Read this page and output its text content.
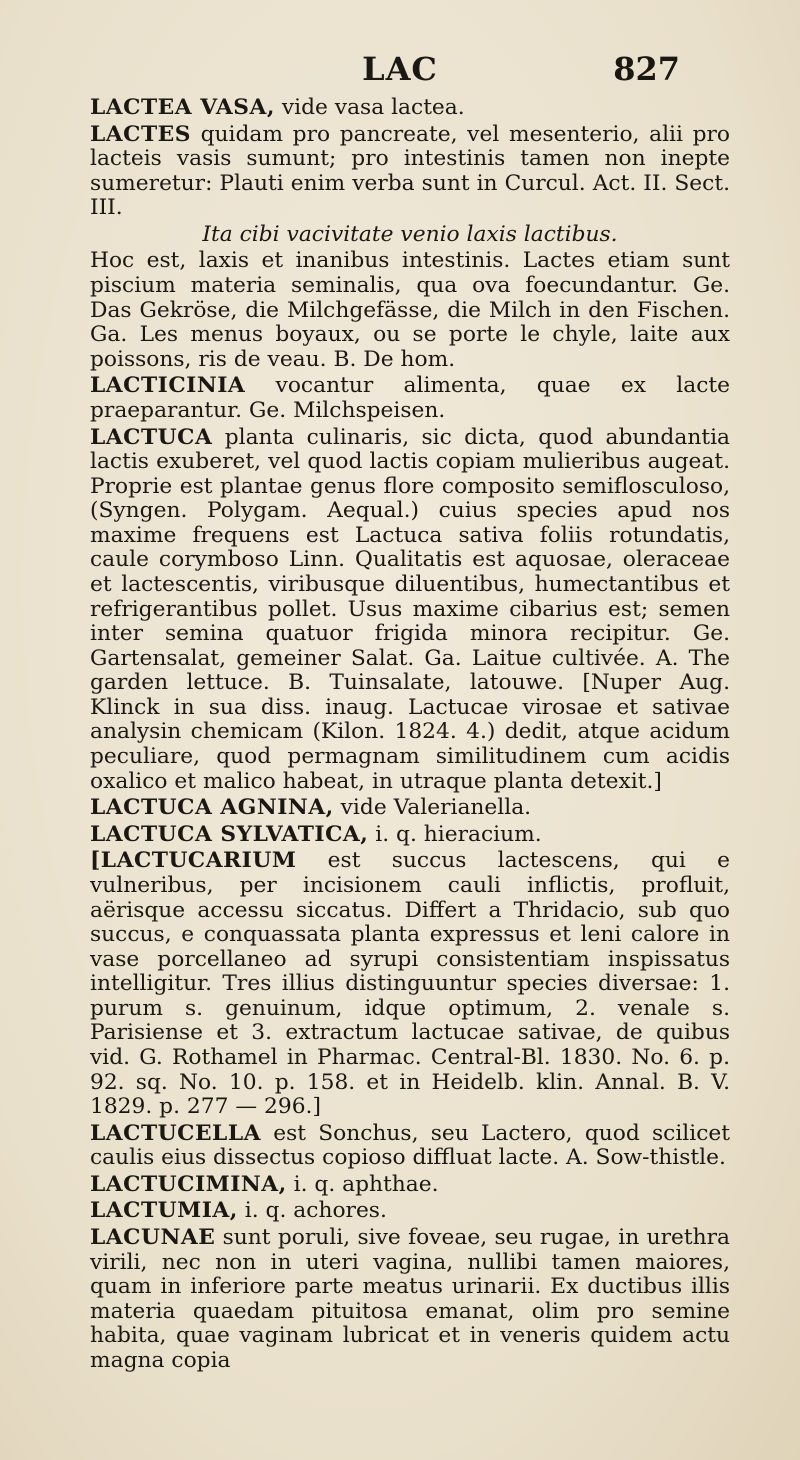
LAC	827

LACTEA VASA, vide vasa lactea.

LACTES quidam pro pancreate, vel mesenterio, alii pro lacteis vasis sumunt; pro intestinis tamen non inepte sumeretur: Plauti enim verba sunt in Curcul. Act. II. Sect. III.

Ita cibi vacivitate venio laxis lactibus.

Hoc est, laxis et inanibus intestinis. Lactes etiam sunt piscium materia seminalis, qua ova foecundantur. Ge. Das Gekröse, die Milchgefässe, die Milch in den Fischen. Ga. Les menus boyaux, ou se porte le chyle, laite aux poissons, ris de veau. B. De hom.

LACTICINIA vocantur alimenta, quae ex lacte praeparantur. Ge. Milchspeisen.

LACTUCA planta culinaris, sic dicta, quod abundantia lactis exuberet, vel quod lactis copiam mulieribus augeat. Proprie est plantae genus flore composito semiflosculoso, (Syngen. Polygam. Aequal.) cuius species apud nos maxime frequens est Lactuca sativa foliis rotundatis, caule corymboso Linn. Qualitatis est aquosae, oleraceae et lactescentis, viribusque diluentibus, humectantibus et refrigerantibus pollet. Usus maxime cibarius est; semen inter semina quatuor frigida minora recipitur. Ge. Gartensalat, gemeiner Salat. Ga. Laitue cultivée. A. The garden lettuce. B. Tuinsalate, latouwe. [Nuper Aug. Klinck in sua diss. inaug. Lactucae virosae et sativae analysin chemicam (Kilon. 1824. 4.) dedit, atque acidum peculiare, quod permagnam similitudinem cum acidis oxalico et malico habeat, in utraque planta detexit.]

LACTUCA AGNINA, vide Valerianella.

LACTUCA SYLVATICA, i. q. hieracium.

[LACTUCARIUM est succus lactescens, qui e vulneribus, per incisionem cauli inflictis, profluit, aërisque accessu siccatus. Differt a Thridacio, sub quo succus, e conquassata planta expressus et leni calore in vase porcellaneo ad syrupi consistentiam inspissatus intelligitur. Tres illius distinguuntur species diversae: 1. purum s. genuinum, idque optimum, 2. venale s. Parisiense et 3. extractum lactucae sativae, de quibus vid. G. Rothamel in Pharmac. Central-Bl. 1830. No. 6. p. 92. sq. No. 10. p. 158. et in Heidelb. klin. Annal. B. V. 1829. p. 277 — 296.]

LACTUCELLA est Sonchus, seu Lactero, quod scilicet caulis eius dissectus copioso diffluat lacte. A. Sow-thistle.

LACTUCIMINA, i. q. aphthae.

LACTUMIA, i. q. achores.

LACUNAE sunt poruli, sive foveae, seu rugae, in urethra virili, nec non in uteri vagina, nullibi tamen maiores, quam in inferiore parte meatus urinarii. Ex ductibus illis materia quaedam pituitosa emanat, olim pro semine habita, quae vaginam lubricat et in veneris quidem actu magna copia
